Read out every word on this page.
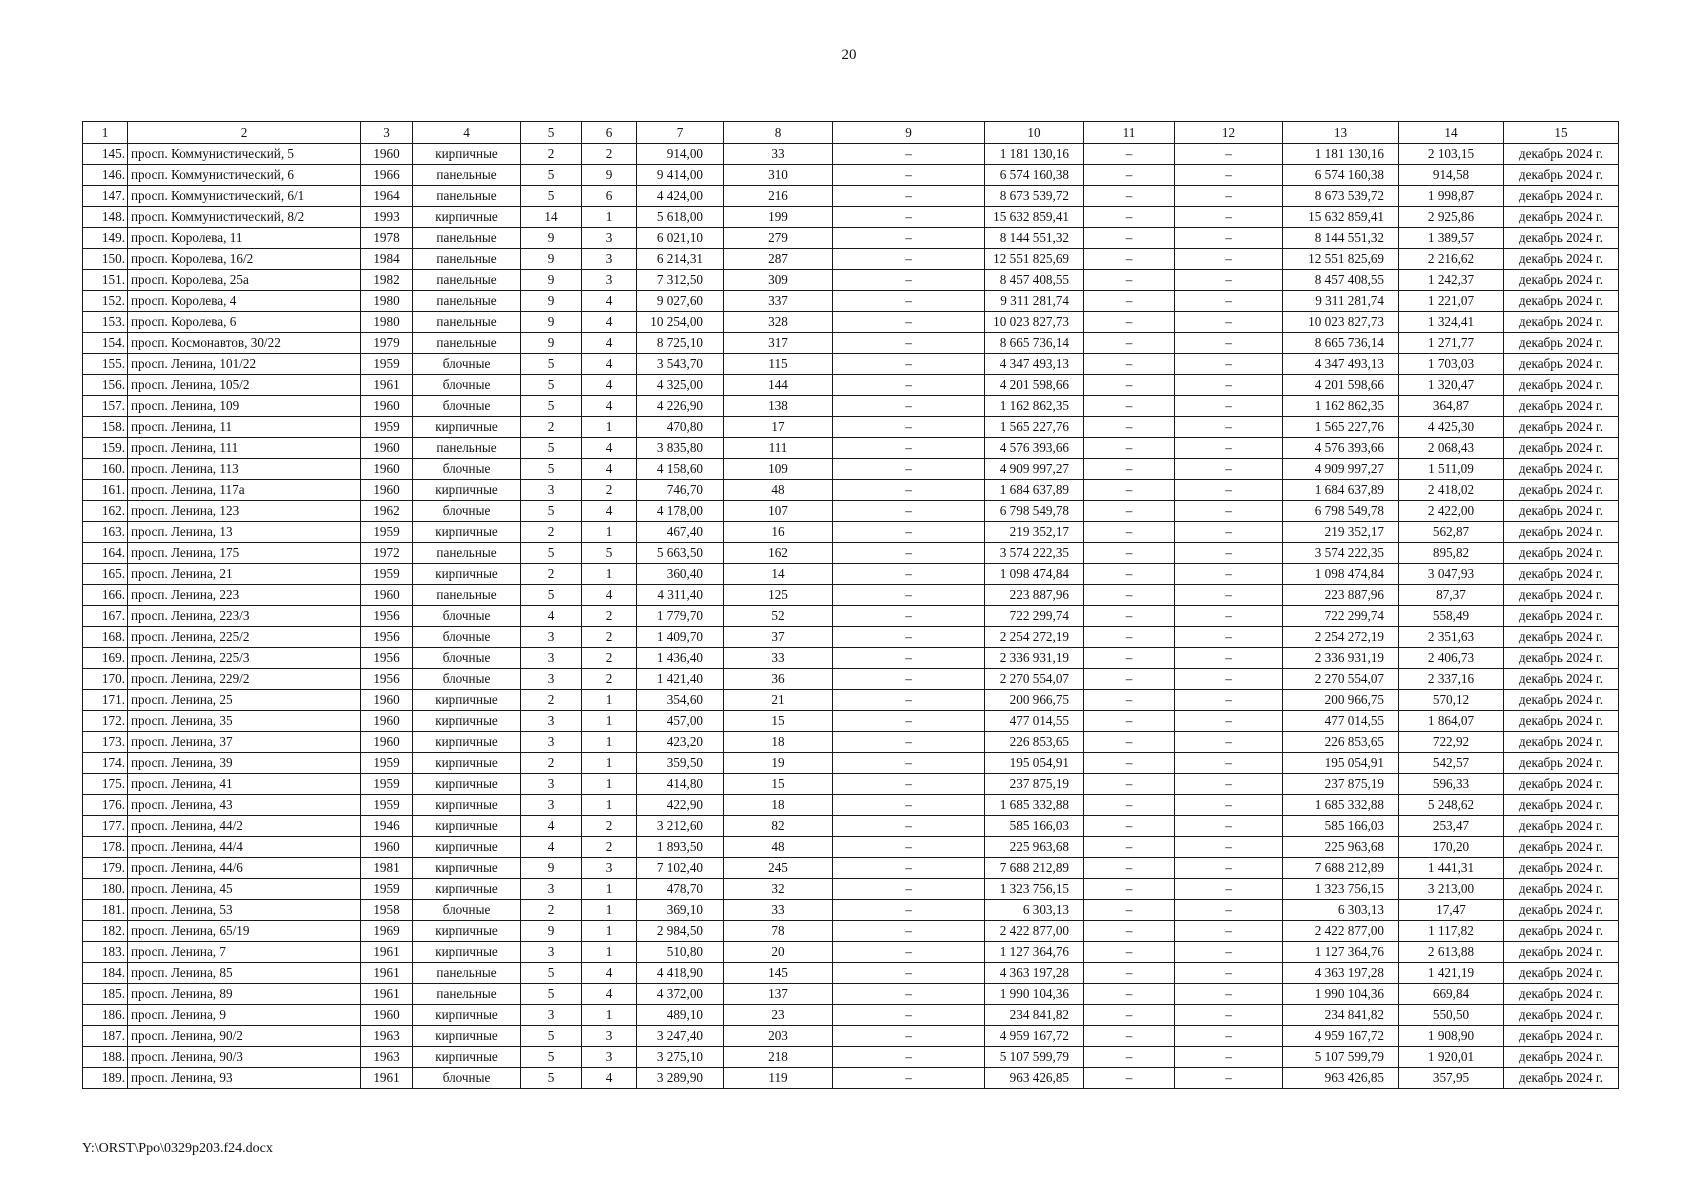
20
1	2	3	4	5	6	7	8	9	10	11	12	13	14	15
145.	просп. Коммунистический, 5	1960	кирпичные	2	2	914,00	33	–	1 181 130,16	–	–	1 181 130,16	2 103,15	декабрь 2024 г.
146.	просп. Коммунистический, 6	1966	панельные	5	9	9 414,00	310	–	6 574 160,38	–	–	6 574 160,38	914,58	декабрь 2024 г.
147.	просп. Коммунистический, 6/1	1964	панельные	5	6	4 424,00	216	–	8 673 539,72	–	–	8 673 539,72	1 998,87	декабрь 2024 г.
148.	просп. Коммунистический, 8/2	1993	кирпичные	14	1	5 618,00	199	–	15 632 859,41	–	–	15 632 859,41	2 925,86	декабрь 2024 г.
149.	просп. Королева, 11	1978	панельные	9	3	6 021,10	279	–	8 144 551,32	–	–	8 144 551,32	1 389,57	декабрь 2024 г.
150.	просп. Королева, 16/2	1984	панельные	9	3	6 214,31	287	–	12 551 825,69	–	–	12 551 825,69	2 216,62	декабрь 2024 г.
151.	просп. Королева, 25а	1982	панельные	9	3	7 312,50	309	–	8 457 408,55	–	–	8 457 408,55	1 242,37	декабрь 2024 г.
152.	просп. Королева, 4	1980	панельные	9	4	9 027,60	337	–	9 311 281,74	–	–	9 311 281,74	1 221,07	декабрь 2024 г.
153.	просп. Королева, 6	1980	панельные	9	4	10 254,00	328	–	10 023 827,73	–	–	10 023 827,73	1 324,41	декабрь 2024 г.
154.	просп. Космонавтов, 30/22	1979	панельные	9	4	8 725,10	317	–	8 665 736,14	–	–	8 665 736,14	1 271,77	декабрь 2024 г.
155.	просп. Ленина, 101/22	1959	блочные	5	4	3 543,70	115	–	4 347 493,13	–	–	4 347 493,13	1 703,03	декабрь 2024 г.
156.	просп. Ленина, 105/2	1961	блочные	5	4	4 325,00	144	–	4 201 598,66	–	–	4 201 598,66	1 320,47	декабрь 2024 г.
157.	просп. Ленина, 109	1960	блочные	5	4	4 226,90	138	–	1 162 862,35	–	–	1 162 862,35	364,87	декабрь 2024 г.
158.	просп. Ленина, 11	1959	кирпичные	2	1	470,80	17	–	1 565 227,76	–	–	1 565 227,76	4 425,30	декабрь 2024 г.
159.	просп. Ленина, 111	1960	панельные	5	4	3 835,80	111	–	4 576 393,66	–	–	4 576 393,66	2 068,43	декабрь 2024 г.
160.	просп. Ленина, 113	1960	блочные	5	4	4 158,60	109	–	4 909 997,27	–	–	4 909 997,27	1 511,09	декабрь 2024 г.
161.	просп. Ленина, 117а	1960	кирпичные	3	2	746,70	48	–	1 684 637,89	–	–	1 684 637,89	2 418,02	декабрь 2024 г.
162.	просп. Ленина, 123	1962	блочные	5	4	4 178,00	107	–	6 798 549,78	–	–	6 798 549,78	2 422,00	декабрь 2024 г.
163.	просп. Ленина, 13	1959	кирпичные	2	1	467,40	16	–	219 352,17	–	–	219 352,17	562,87	декабрь 2024 г.
164.	просп. Ленина, 175	1972	панельные	5	5	5 663,50	162	–	3 574 222,35	–	–	3 574 222,35	895,82	декабрь 2024 г.
165.	просп. Ленина, 21	1959	кирпичные	2	1	360,40	14	–	1 098 474,84	–	–	1 098 474,84	3 047,93	декабрь 2024 г.
166.	просп. Ленина, 223	1960	панельные	5	4	4 311,40	125	–	223 887,96	–	–	223 887,96	87,37	декабрь 2024 г.
167.	просп. Ленина, 223/3	1956	блочные	4	2	1 779,70	52	–	722 299,74	–	–	722 299,74	558,49	декабрь 2024 г.
168.	просп. Ленина, 225/2	1956	блочные	3	2	1 409,70	37	–	2 254 272,19	–	–	2 254 272,19	2 351,63	декабрь 2024 г.
169.	просп. Ленина, 225/3	1956	блочные	3	2	1 436,40	33	–	2 336 931,19	–	–	2 336 931,19	2 406,73	декабрь 2024 г.
170.	просп. Ленина, 229/2	1956	блочные	3	2	1 421,40	36	–	2 270 554,07	–	–	2 270 554,07	2 337,16	декабрь 2024 г.
171.	просп. Ленина, 25	1960	кирпичные	2	1	354,60	21	–	200 966,75	–	–	200 966,75	570,12	декабрь 2024 г.
172.	просп. Ленина, 35	1960	кирпичные	3	1	457,00	15	–	477 014,55	–	–	477 014,55	1 864,07	декабрь 2024 г.
173.	просп. Ленина, 37	1960	кирпичные	3	1	423,20	18	–	226 853,65	–	–	226 853,65	722,92	декабрь 2024 г.
174.	просп. Ленина, 39	1959	кирпичные	2	1	359,50	19	–	195 054,91	–	–	195 054,91	542,57	декабрь 2024 г.
175.	просп. Ленина, 41	1959	кирпичные	3	1	414,80	15	–	237 875,19	–	–	237 875,19	596,33	декабрь 2024 г.
176.	просп. Ленина, 43	1959	кирпичные	3	1	422,90	18	–	1 685 332,88	–	–	1 685 332,88	5 248,62	декабрь 2024 г.
177.	просп. Ленина, 44/2	1946	кирпичные	4	2	3 212,60	82	–	585 166,03	–	–	585 166,03	253,47	декабрь 2024 г.
178.	просп. Ленина, 44/4	1960	кирпичные	4	2	1 893,50	48	–	225 963,68	–	–	225 963,68	170,20	декабрь 2024 г.
179.	просп. Ленина, 44/6	1981	кирпичные	9	3	7 102,40	245	–	7 688 212,89	–	–	7 688 212,89	1 441,31	декабрь 2024 г.
180.	просп. Ленина, 45	1959	кирпичные	3	1	478,70	32	–	1 323 756,15	–	–	1 323 756,15	3 213,00	декабрь 2024 г.
181.	просп. Ленина, 53	1958	блочные	2	1	369,10	33	–	6 303,13	–	–	6 303,13	17,47	декабрь 2024 г.
182.	просп. Ленина, 65/19	1969	кирпичные	9	1	2 984,50	78	–	2 422 877,00	–	–	2 422 877,00	1 117,82	декабрь 2024 г.
183.	просп. Ленина, 7	1961	кирпичные	3	1	510,80	20	–	1 127 364,76	–	–	1 127 364,76	2 613,88	декабрь 2024 г.
184.	просп. Ленина, 85	1961	панельные	5	4	4 418,90	145	–	4 363 197,28	–	–	4 363 197,28	1 421,19	декабрь 2024 г.
185.	просп. Ленина, 89	1961	панельные	5	4	4 372,00	137	–	1 990 104,36	–	–	1 990 104,36	669,84	декабрь 2024 г.
186.	просп. Ленина, 9	1960	кирпичные	3	1	489,10	23	–	234 841,82	–	–	234 841,82	550,50	декабрь 2024 г.
187.	просп. Ленина, 90/2	1963	кирпичные	5	3	3 247,40	203	–	4 959 167,72	–	–	4 959 167,72	1 908,90	декабрь 2024 г.
188.	просп. Ленина, 90/3	1963	кирпичные	5	3	3 275,10	218	–	5 107 599,79	–	–	5 107 599,79	1 920,01	декабрь 2024 г.
189.	просп. Ленина, 93	1961	блочные	5	4	3 289,90	119	–	963 426,85	–	–	963 426,85	357,95	декабрь 2024 г.
Y:\ORST\Ppo\0329p203.f24.docx
